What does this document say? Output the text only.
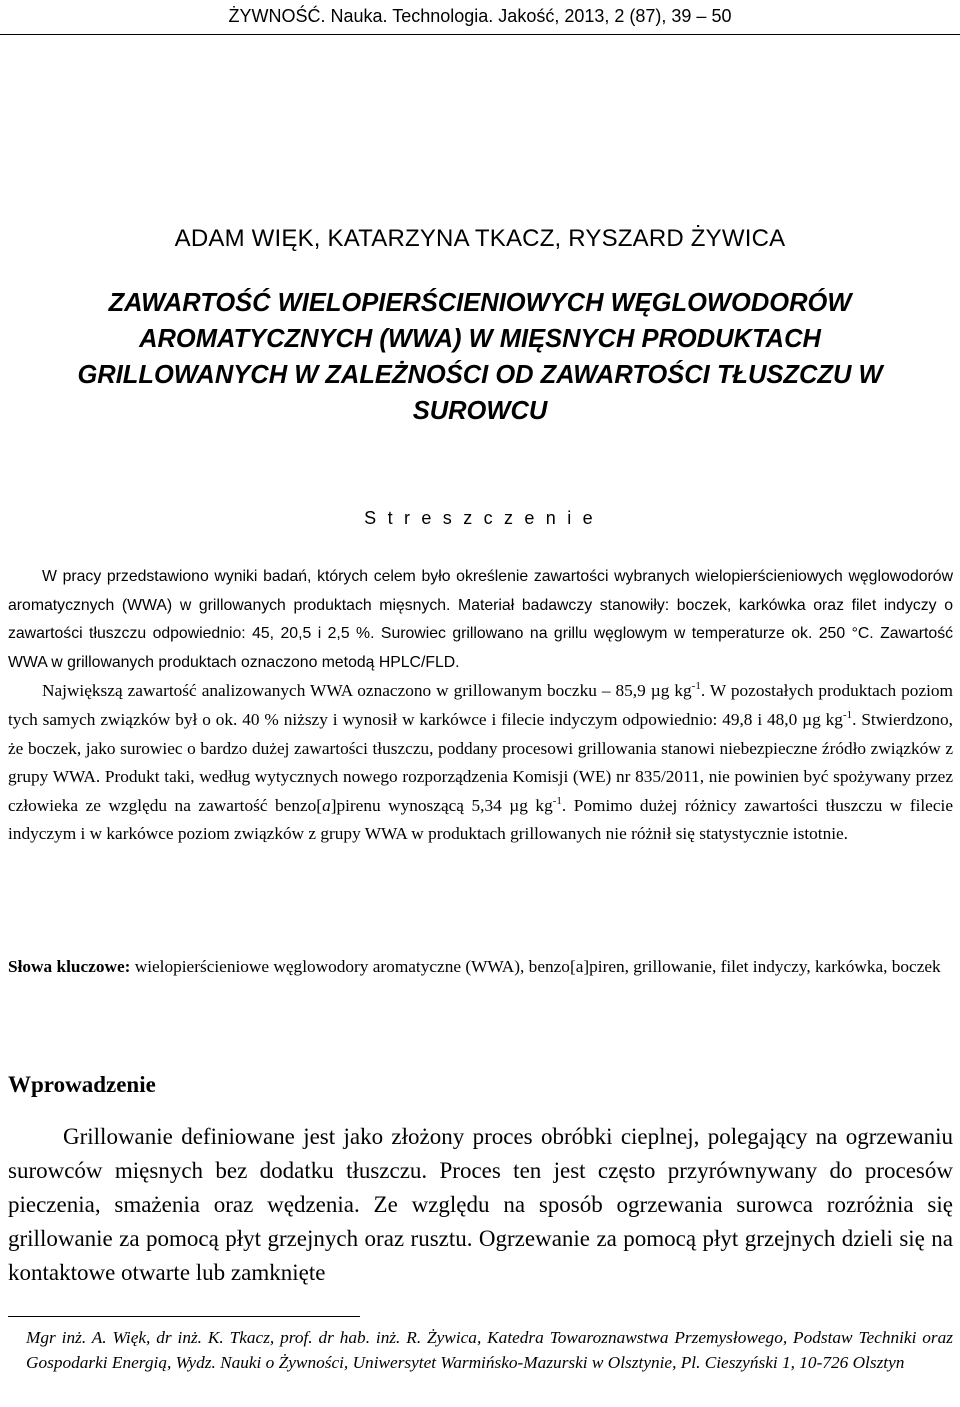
ŻYWNOŚĆ. Nauka. Technologia. Jakość, 2013, 2 (87), 39 – 50
ADAM WIĘK, KATARZYNA TKACZ, RYSZARD ŻYWICA
ZAWARTOŚĆ WIELOPIERŚCIENIOWYCH WĘGLOWODORÓW AROMATYCZNYCH (WWA) W MIĘSNYCH PRODUKTACH GRILLOWANYCH W ZALEŻNOŚCI OD ZAWARTOŚCI TŁUSZCZU W SUROWCU
S t r e s z c z e n i e

W pracy przedstawiono wyniki badań, których celem było określenie zawartości wybranych wielopierścieniowych węglowodorów aromatycznych (WWA) w grillowanych produktach mięsnych. Materiał badawczy stanowiły: boczek, karkówka oraz filet indyczy o zawartości tłuszczu odpowiednio: 45, 20,5 i 2,5 %. Surowiec grillowano na grillu węglowym w temperaturze ok. 250 °C. Zawartość WWA w grillowanych produktach oznaczono metodą HPLC/FLD.

Największą zawartość analizowanych WWA oznaczono w grillowanym boczku – 85,9 µg $kg^{-1}$. W pozostałych produktach poziom tych samych związków był o ok. 40 % niższy i wynosił w karkówce i filecie indyczym odpowiednio: 49,8 i 48,0 µg $kg^{-1}$. Stwierdzono, że boczek, jako surowiec o bardzo dużej zawartości tłuszczu, poddany procesowi grillowania stanowi niebezpieczne źródło związków z grupy WWA. Produkt taki, według wytycznych nowego rozporządzenia Komisji (WE) nr 835/2011, nie powinien być spożywany przez człowieka ze względu na zawartość benzo[a]pirenu wynoszącą 5,34 µg $kg^{-1}$. Pomimo dużej różnicy zawartości tłuszczu w filecie indyczym i w karkówce poziom związków z grupy WWA w produktach grillowanych nie różnił się statystycznie istotnie.

Słowa kluczowe: wielopierścieniowe węglowodory aromatyczne (WWA), benzo[a]piren, grillowanie, filet indyczy, karkówka, boczek
Wprowadzenie

Grillowanie definiowane jest jako złożony proces obróbki cieplnej, polegający na ogrzewaniu surowców mięsnych bez dodatku tłuszczu. Proces ten jest często przyrównywany do procesów pieczenia, smażenia oraz wędzenia. Ze względu na sposób ogrzewania surowca rozróżnia się grillowanie za pomocą płyt grzejnych oraz rusztu. Ogrzewanie za pomocą płyt grzejnych dzieli się na kontaktowe otwarte lub zamknięte

Mgr inż. A. Więk, dr inż. K. Tkacz, prof. dr hab. inż. R. Żywica, Katedra Towaroznawstwa Przemysłowego, Podstaw Techniki oraz Gospodarki Energią, Wydz. Nauki o Żywności, Uniwersytet Warmińsko-Mazurski w Olsztynie, Pl. Cieszyński 1, 10-726 Olsztyn
